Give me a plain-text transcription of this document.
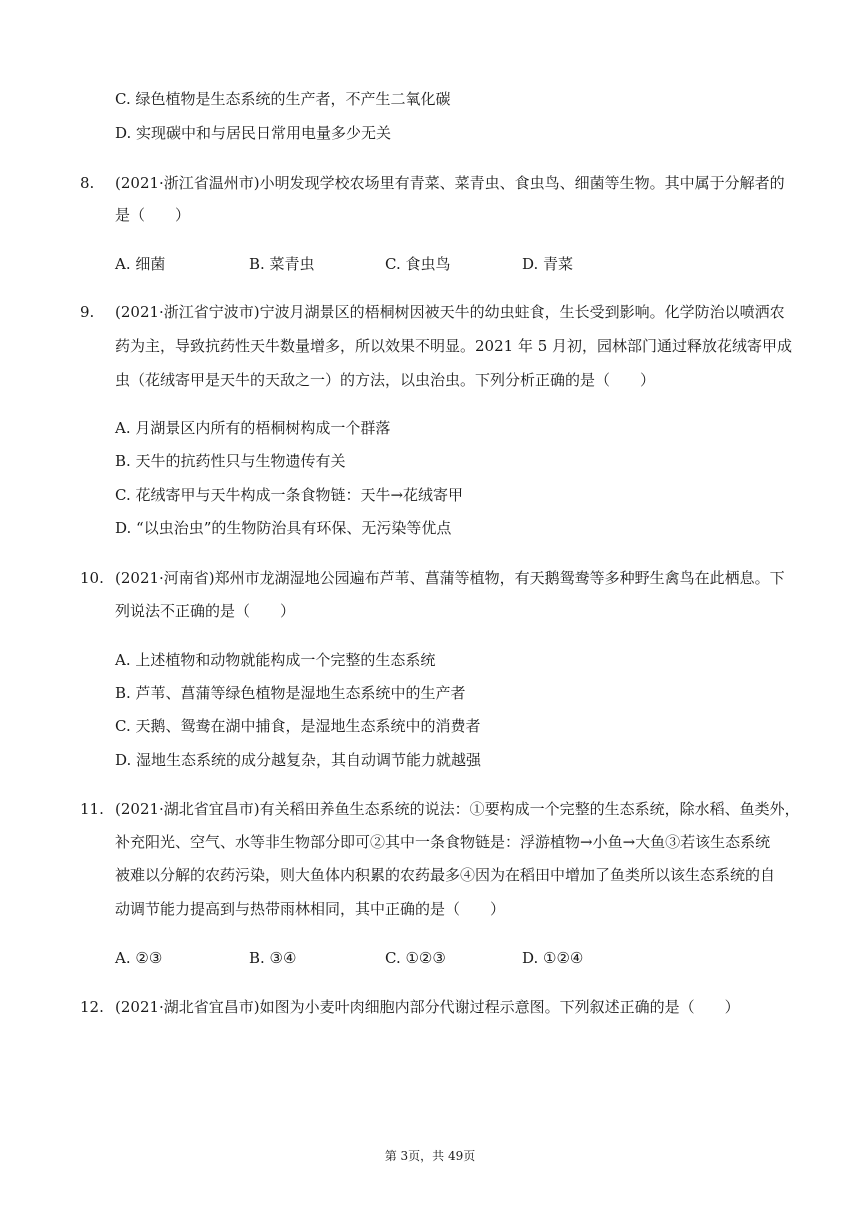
C. 绿色植物是生态系统的生产者，不产生二氧化碳
D. 实现碳中和与居民日常用电量多少无关
8. (2021·浙江省温州市)小明发现学校农场里有青菜、菜青虫、食虫鸟、细菌等生物。其中属于分解者的
是（　　）
A. 细菌	B. 菜青虫	C. 食虫鸟	D. 青菜
9. (2021·浙江省宁波市)宁波月湖景区的梧桐树因被天牛的幼虫蛀食，生长受到影响。化学防治以喷洒农
药为主，导致抗药性天牛数量增多，所以效果不明显。2021 年 5 月初，园林部门通过释放花绒寄甲成
虫（花绒寄甲是天牛的天敌之一）的方法，以虫治虫。下列分析正确的是（　　）
A. 月湖景区内所有的梧桐树构成一个群落
B. 天牛的抗药性只与生物遗传有关
C. 花绒寄甲与天牛构成一条食物链：天牛→花绒寄甲
D. “以虫治虫”的生物防治具有环保、无污染等优点
10. (2021·河南省)郑州市龙湖湿地公园遍布芦苇、菖蒲等植物，有天鹅鸳鸯等多种野生禽鸟在此栖息。下
列说法不正确的是（　　）
A. 上述植物和动物就能构成一个完整的生态系统
B. 芦苇、菖蒲等绿色植物是湿地生态系统中的生产者
C. 天鹅、鸳鸯在湖中捕食，是湿地生态系统中的消费者
D. 湿地生态系统的成分越复杂，其自动调节能力就越强
11. (2021·湖北省宜昌市)有关稻田养鱼生态系统的说法：①要构成一个完整的生态系统，除水稻、鱼类外，
补充阳光、空气、水等非生物部分即可②其中一条食物链是：浮游植物→小鱼→大鱼③若该生态系统
被难以分解的农药污染，则大鱼体内积累的农药最多④因为在稻田中增加了鱼类所以该生态系统的自
动调节能力提高到与热带雨林相同，其中正确的是（　　）
A. ②③	B. ③④	C. ①②③	D. ①②④
12. (2021·湖北省宜昌市)如图为小麦叶肉细胞内部分代谢过程示意图。下列叙述正确的是（　　）
第 3页，共 49页
